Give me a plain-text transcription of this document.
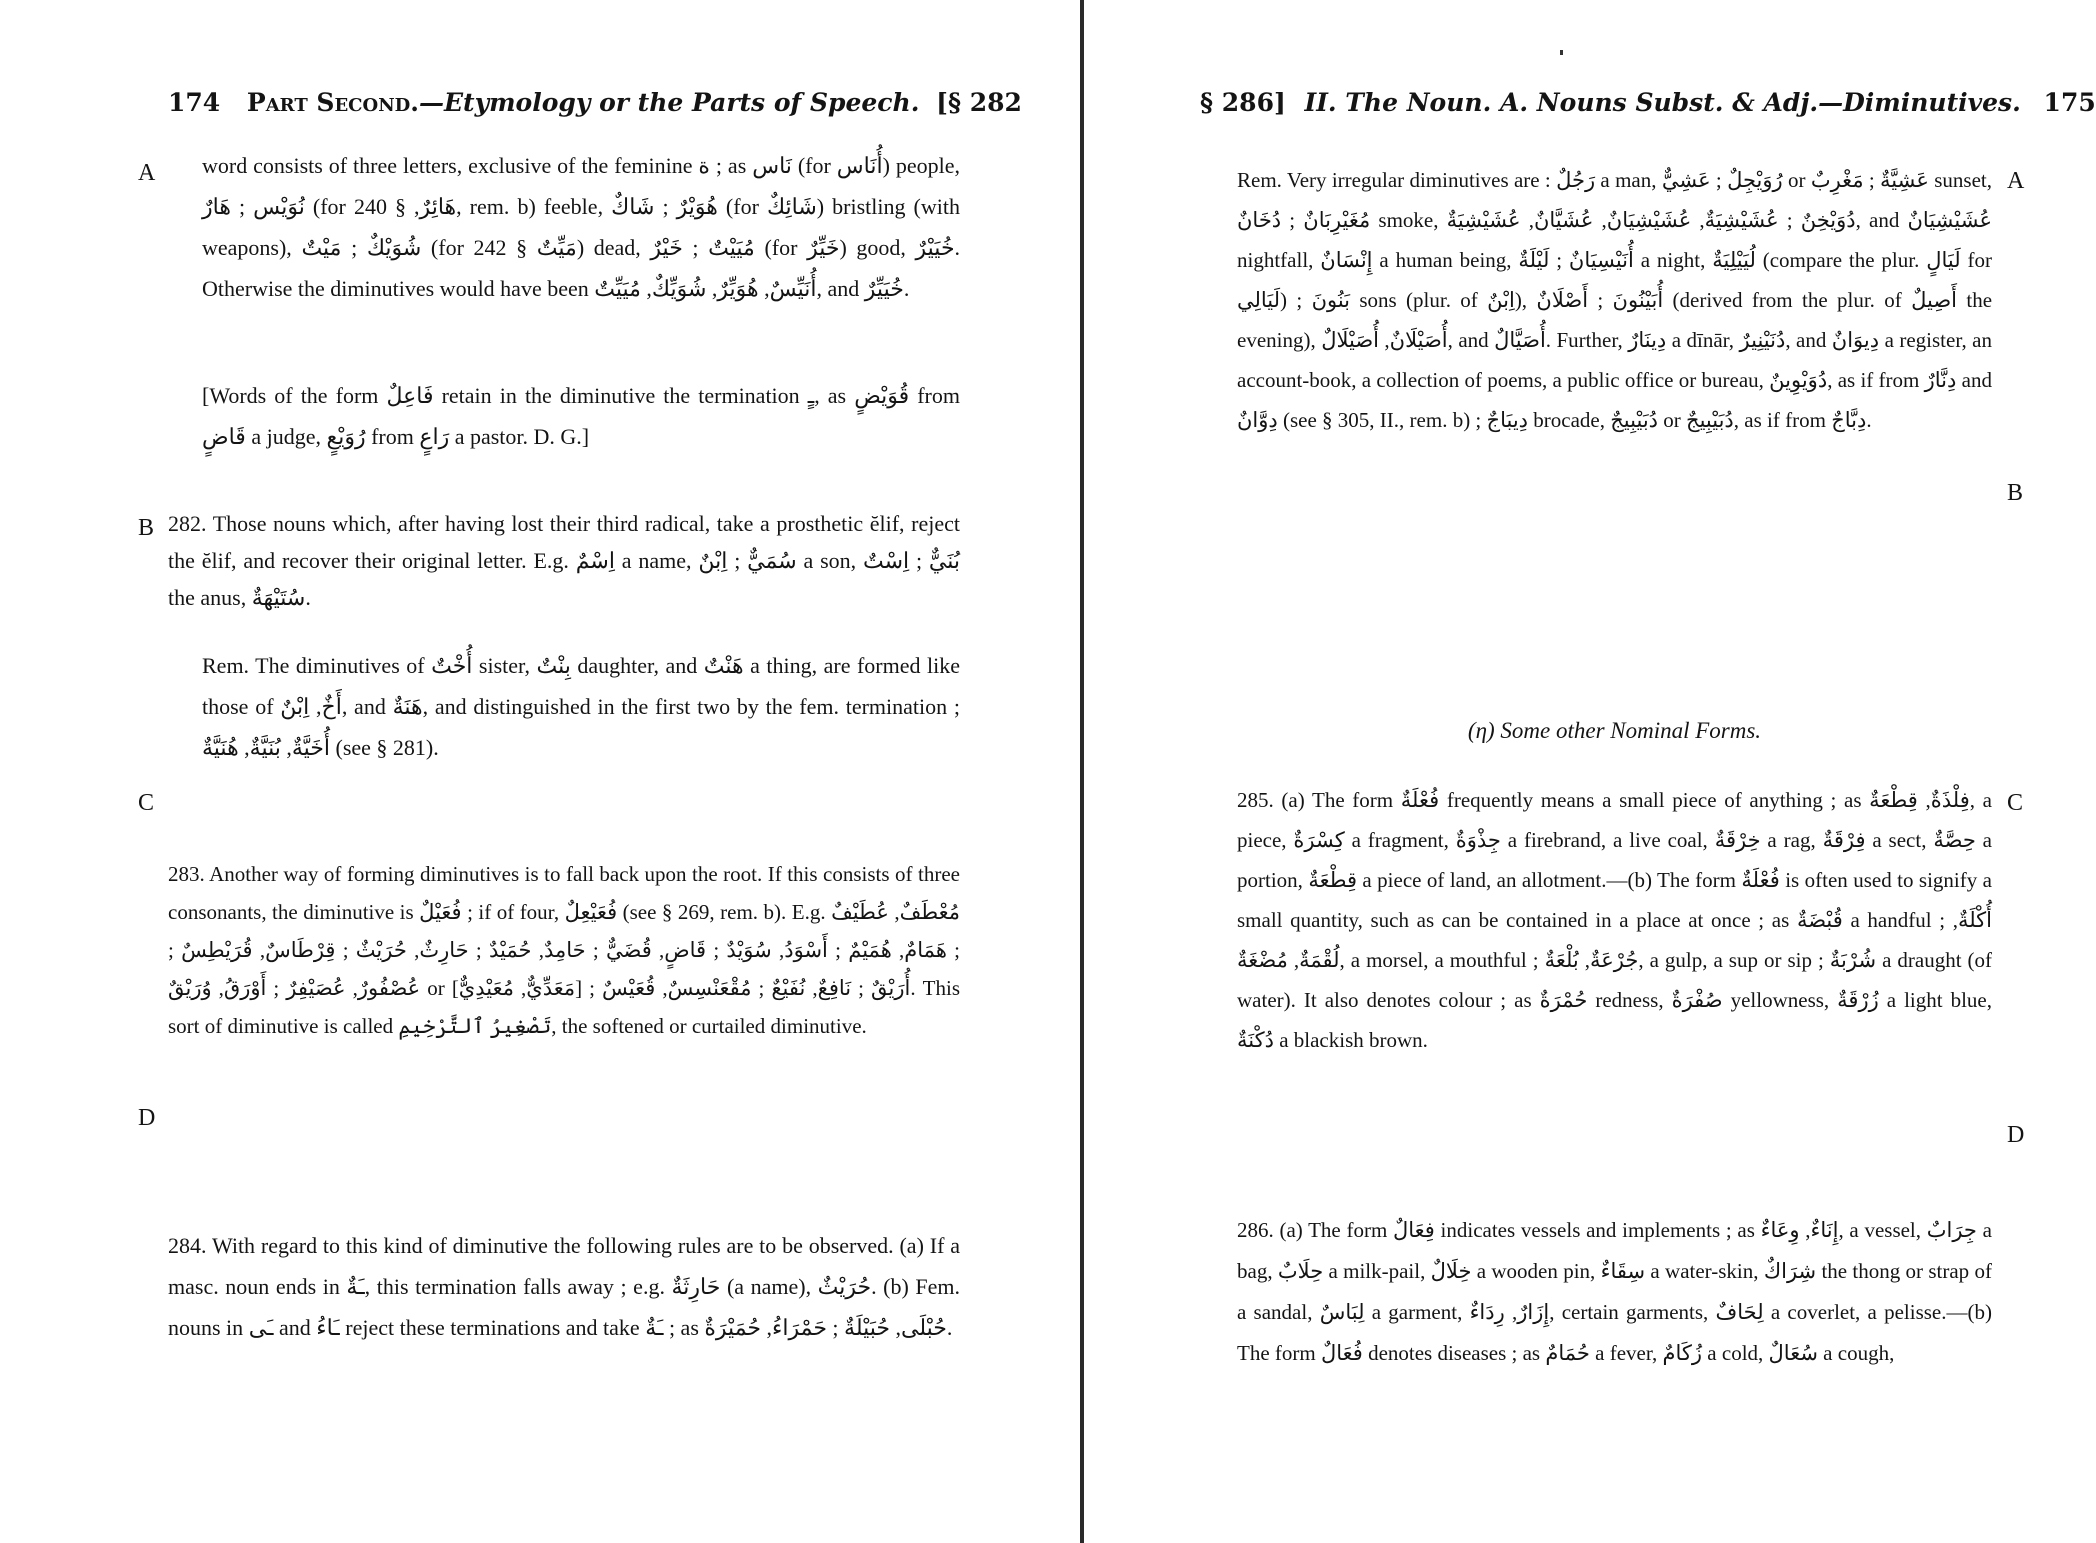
174 Part Second.—Etymology or the Parts of Speech. [§ 282
A
B
C
D

word consists of three letters, exclusive of the feminine ة ; as نَاس (for أُنَاس) people, نُوَيْس ; هَارٌ (for هَائِرٌ, § 240, rem. b) feeble, هُوَيْرٌ ; شَاكٌ (for شَائِكٌ) bristling (with weapons), شُوَيْكٌ ; مَيْتٌ (for مَيِّتٌ § 242) dead, مُيَيْتٌ ; خَيْرٌ (for خَيِّرٌ) good, خُيَيْرٌ. Otherwise the diminutives would have been أُنَيِّسٌ, هُوَيِّرٌ, شُوَيِّكٌ, مُيَيِّتٌ, and خُيَيِّرٌ.

[Words of the form فَاعِلٌ retain in the diminutive the termination ـٍ, as قُوَيْضٍ from قَاضٍ a judge, رُوَيْعٍ from رَاعٍ a pastor. D. G.]

282. Those nouns which, after having lost their third radical, take a prosthetic ĕlif, reject the ĕlif, and recover their original letter. E.g. اِسْمٌ a name, سُمَيٌّ ; اِبْنٌ a son, بُنَيٌّ ; اِسْتٌ the anus, سُتَيْهَةٌ.

Rem. The diminutives of أُخْتٌ sister, بِنْتٌ daughter, and هَنْتٌ a thing, are formed like those of أَخٌ, اِبْنٌ, and هَنَةٌ, and distinguished in the first two by the fem. termination ; أُخَيَّةٌ, بُنَيَّةٌ, هُنَيَّةٌ (see § 281).

283. Another way of forming diminutives is to fall back upon the root. If this consists of three consonants, the diminutive is فُعَيْلٌ ; if of four, فُعَيْعِلٌ (see § 269, rem. b). E.g. مُعْطَفٌ, عُطَيْفٌ ; هَمَامٌ, هُمَيْمٌ ; أَسْوَدُ, سُوَيْدٌ ; قَاضٍ, قُضَيٌّ ; حَامِدٌ, حُمَيْدٌ ; حَارِثٌ, حُرَيْثٌ ; قِرْطَاسٌ, قُرَيْطِسٌ ; عُصْفُورٌ, عُصَيْفِرٌ ; أَوْرَقُ, وُرَيْقٌ or أُرَيْقٌ ; نَافِعٌ, نُفَيْعٌ ; مُقْعَنْسِسٌ, قُعَيْسٌ ; [مَعَدِّيٌّ, مُعَيْدِيٌّ]. This sort of diminutive is called تَصْغِيرُ ٱلتَّرْخِيمِ, the softened or curtailed diminutive.

284. With regard to this kind of diminutive the following rules are to be observed. (a) If a masc. noun ends in ـَةٌ, this termination falls away ; e.g. حَارِثَةٌ (a name), حُرَيْثٌ. (b) Fem. nouns in ـَى and ـَاءُ reject these terminations and take ـَةٌ ; as حُبْلَى, حُبَيْلَةٌ ; حَمْرَاءُ, حُمَيْرَةٌ.

§ 286] II. The Noun. A. Nouns Subst. & Adj.—Diminutives. 175
A
B
C
D

Rem. Very irregular diminutives are : رَجُلٌ a man, رُوَيْجِلٌ ; عَشِيٌّ or عَشِيَّةٌ ; مَغْرِبٌ sunset, مُغَيْرِبَانٌ ; دُخَانٌ smoke, دُوَيْخِنٌ ; عُشَيْشِيَةٌ, عُشَيْشِيَانٌ, عُشَيَّانٌ, عُشَيْشِيَةٌ, and عُشَيْشِيَانٌ nightfall, إِنْسَانٌ a human being, أُنَيْسِيَانٌ ; لَيْلَةٌ a night, لُيَيْلِيَةٌ (compare the plur. لَيَالٍ for لَيَالِي) ; بَنُونَ sons (plur. of اِبْنٌ), أُبَيْنُونَ ; أَصْلَانٌ (derived from the plur. of أَصِيلٌ the evening), أُصَيْلَانٌ, أُصَيْلَالٌ, and أُصَيَّالٌ. Further, دِينَارٌ a dīnār, دُنَيْنِيرٌ, and دِيوَانٌ a register, an account-book, a collection of poems, a public office or bureau, دُوَيْوِينٌ, as if from دِنَّارٌ and دِوَّانٌ (see § 305, II., rem. b) ; دِيبَاجٌ brocade, دُبَيْبِيجٌ or دُبَيْبِيجٌ, as if from دِبَّاجٌ.

(η) Some other Nominal Forms.

285. (a) The form فُعْلَةٌ frequently means a small piece of anything ; as فِلْذَةٌ, قِطْعَةٌ, a piece, كِسْرَةٌ a fragment, جِذْوَةٌ a firebrand, a live coal, خِرْقَةٌ a rag, فِرْقَةٌ a sect, حِصَّةٌ a portion, قِطْعَةٌ a piece of land, an allotment.—(b) The form فُعْلَةٌ is often used to signify a small quantity, such as can be contained in a place at once ; as قُبْضَةٌ a handful ; أُكْلَةٌ, لُقْمَةٌ, مُضْغَةٌ, a morsel, a mouthful ; جُرْعَةٌ, بُلْعَةٌ, a gulp, a sup or sip ; شُرْبَةٌ a draught (of water). It also denotes colour ; as حُمْرَةٌ redness, صُفْرَةٌ yellowness, زُرْقَةٌ a light blue, دُكْنَةٌ a blackish brown.

286. (a) The form فِعَالٌ indicates vessels and implements ; as إِنَاءٌ, وِعَاءٌ, a vessel, جِرَابٌ a bag, حِلَابٌ a milk-pail, خِلَالٌ a wooden pin, سِقَاءٌ a water-skin, شِرَاكٌ the thong or strap of a sandal, لِبَاسٌ a garment, إِزَارٌ, رِدَاءٌ, certain garments, لِحَافٌ a coverlet, a pelisse.—(b) The form فُعَالٌ denotes diseases ; as حُمَامٌ a fever, زُكَامٌ a cold, سُعَالٌ a cough,
